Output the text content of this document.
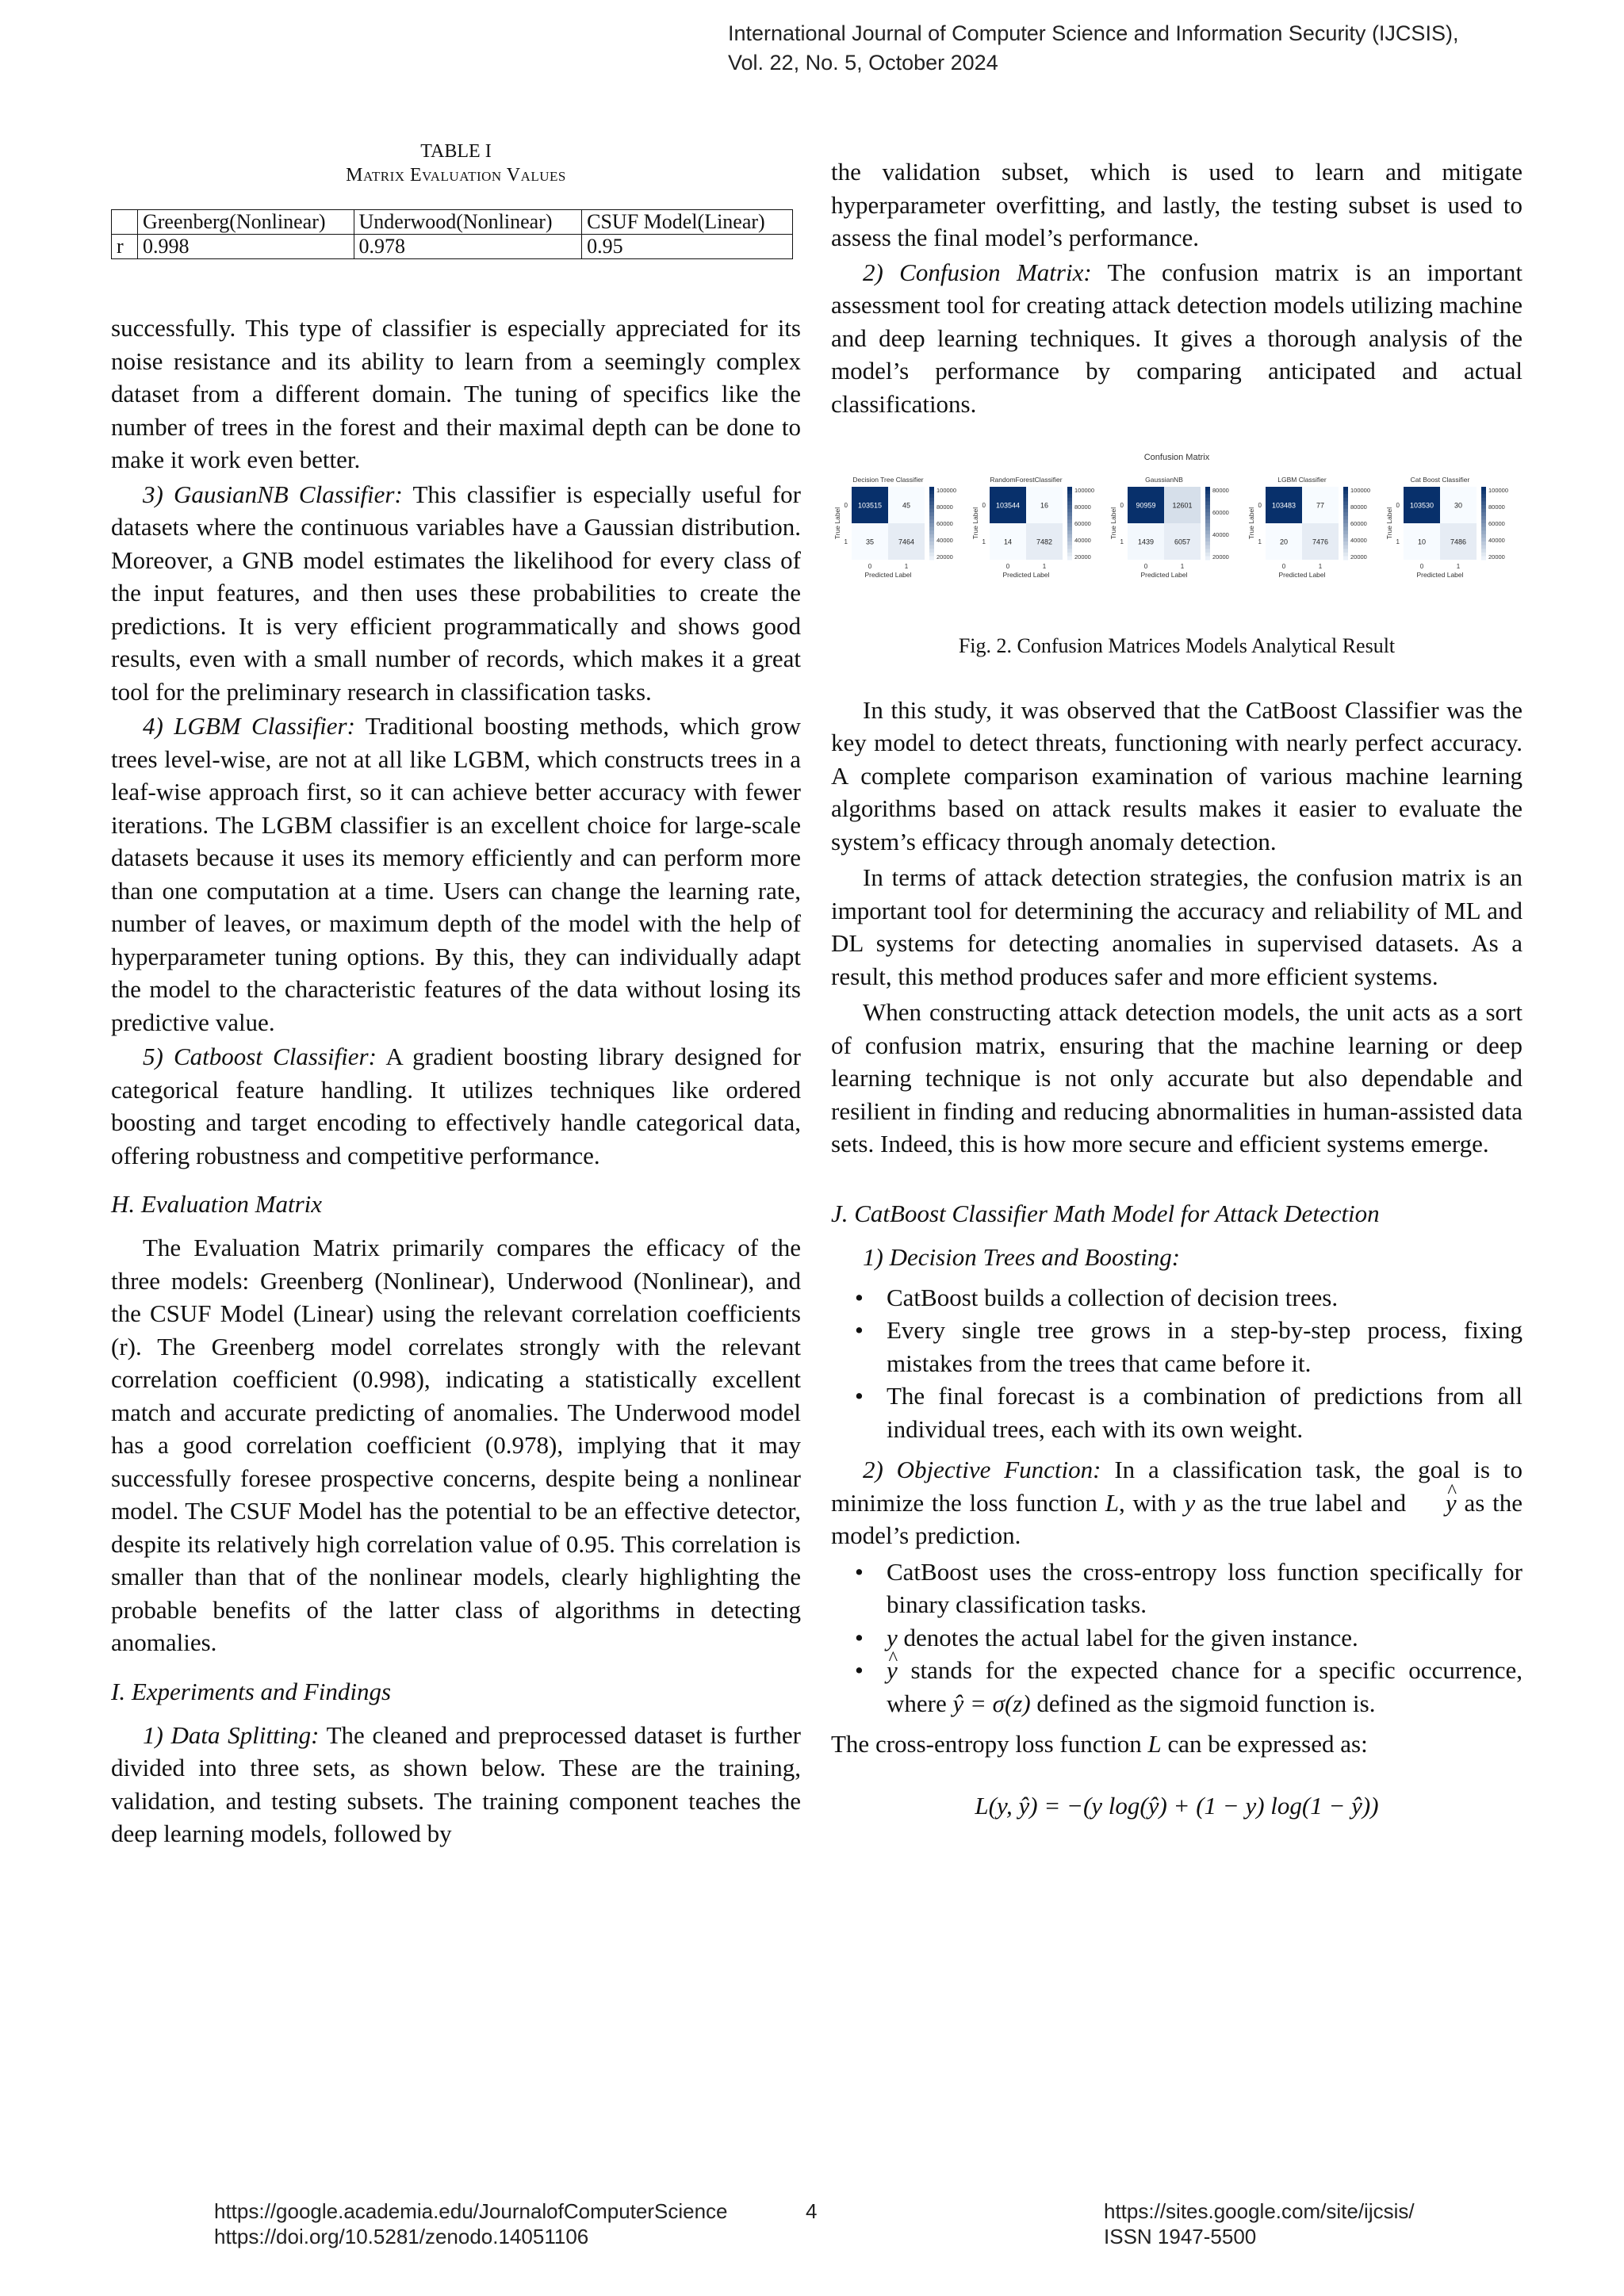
International Journal of Computer Science and Information Security (IJCSIS),
Vol. 22, No. 5, October 2024
TABLE I
Matrix Evaluation Values
	Greenberg(Nonlinear)	Underwood(Nonlinear)	CSUF Model(Linear)
r	0.998	0.978	0.95

successfully. This type of classifier is especially appreciated for its noise resistance and its ability to learn from a seemingly complex dataset from a different domain. The tuning of specifics like the number of trees in the forest and their maximal depth can be done to make it work even better.

3) GausianNB Classifier: This classifier is especially useful for datasets where the continuous variables have a Gaussian distribution. Moreover, a GNB model estimates the likelihood for every class of the input features, and then uses these probabilities to create the predictions. It is very efficient programmatically and shows good results, even with a small number of records, which makes it a great tool for the preliminary research in classification tasks.

4) LGBM Classifier: Traditional boosting methods, which grow trees level-wise, are not at all like LGBM, which constructs trees in a leaf-wise approach first, so it can achieve better accuracy with fewer iterations. The LGBM classifier is an excellent choice for large-scale datasets because it uses its memory efficiently and can perform more than one computation at a time. Users can change the learning rate, number of leaves, or maximum depth of the model with the help of hyperparameter tuning options. By this, they can individually adapt the model to the characteristic features of the data without losing its predictive value.

5) Catboost Classifier: A gradient boosting library designed for categorical feature handling. It utilizes techniques like ordered boosting and target encoding to effectively handle categorical data, offering robustness and competitive performance.

H. Evaluation Matrix

The Evaluation Matrix primarily compares the efficacy of the three models: Greenberg (Nonlinear), Underwood (Nonlinear), and the CSUF Model (Linear) using the relevant correlation coefficients (r). The Greenberg model correlates strongly with the relevant correlation coefficient (0.998), indicating a statistically excellent match and accurate predicting of anomalies. The Underwood model has a good correlation coefficient (0.978), implying that it may successfully foresee prospective concerns, despite being a nonlinear model. The CSUF Model has the potential to be an effective detector, despite its relatively high correlation value of 0.95. This correlation is smaller than that of the nonlinear models, clearly highlighting the probable benefits of the latter class of algorithms in detecting anomalies.

I. Experiments and Findings

1) Data Splitting: The cleaned and preprocessed dataset is further divided into three sets, as shown below. These are the training, validation, and testing subsets. The training component teaches the deep learning models, followed by

the validation subset, which is used to learn and mitigate hyperparameter overfitting, and lastly, the testing subset is used to assess the final model’s performance.

2) Confusion Matrix: The confusion matrix is an important assessment tool for creating attack detection models utilizing machine and deep learning techniques. It gives a thorough analysis of the model’s performance by comparing anticipated and actual classifications.

Confusion Matrix
Decision Tree Classifier
103515	45
35	7464
0
0
1
1
Predicted Label
True Label
100000
80000
60000
40000
20000
RandomForestClassifier
103544	16
14	7482
0
0
1
1
Predicted Label
True Label
100000
80000
60000
40000
20000
GaussianNB
90959 12601
1439	6057
0
0
1
1
Predicted Label
True Label
80000
60000
40000
20000
LGBM Classifier
103483	77
20	7476
0
0
1
1
Predicted Label
True Label
100000
80000
60000
40000
20000
Cat Boost Classifier
103530	30
10	7486
0
0
1
1
Predicted Label
True Label
100000
80000
60000
40000
20000
Fig. 2. Confusion Matrices Models Analytical Result

In this study, it was observed that the CatBoost Classifier was the key model to detect threats, functioning with nearly perfect accuracy. A complete comparison examination of various machine learning algorithms based on attack results makes it easier to evaluate the system’s efficacy through anomaly detection.

In terms of attack detection strategies, the confusion matrix is an important tool for determining the accuracy and reliability of ML and DL systems for detecting anomalies in supervised datasets. As a result, this method produces safer and more efficient systems.

When constructing attack detection models, the unit acts as a sort of confusion matrix, ensuring that the machine learning or deep learning technique is not only accurate but also dependable and resilient in finding and reducing abnormalities in human-assisted data sets. Indeed, this is how more secure and efficient systems emerge.

J. CatBoost Classifier Math Model for Attack Detection
1) Decision Trees and Boosting:
• CatBoost builds a collection of decision trees.
• Every single tree grows in a step-by-step process, fixing mistakes from the trees that came before it.
• The final forecast is a combination of predictions from all individual trees, each with its own weight.

2) Objective Function: In a classification task, the goal is to minimize the loss function L, with y as the true label and y ^ as the model’s prediction.

• CatBoost uses the cross-entropy loss function specifically for binary classification tasks.
• y denotes the actual label for the given instance.
• y ^ stands for the expected chance for a specific occurrence, where ŷ = σ(z) defined as the sigmoid function is.

The cross-entropy loss function L can be expressed as:

L(y, ŷ) = −(y log(ŷ) + (1 − y) log(1 − ŷ))
https://google.academia.edu/JournalofComputerScience
https://doi.org/10.5281/zenodo.14051106
4	https://sites.google.com/site/ijcsis/
ISSN 1947-5500
